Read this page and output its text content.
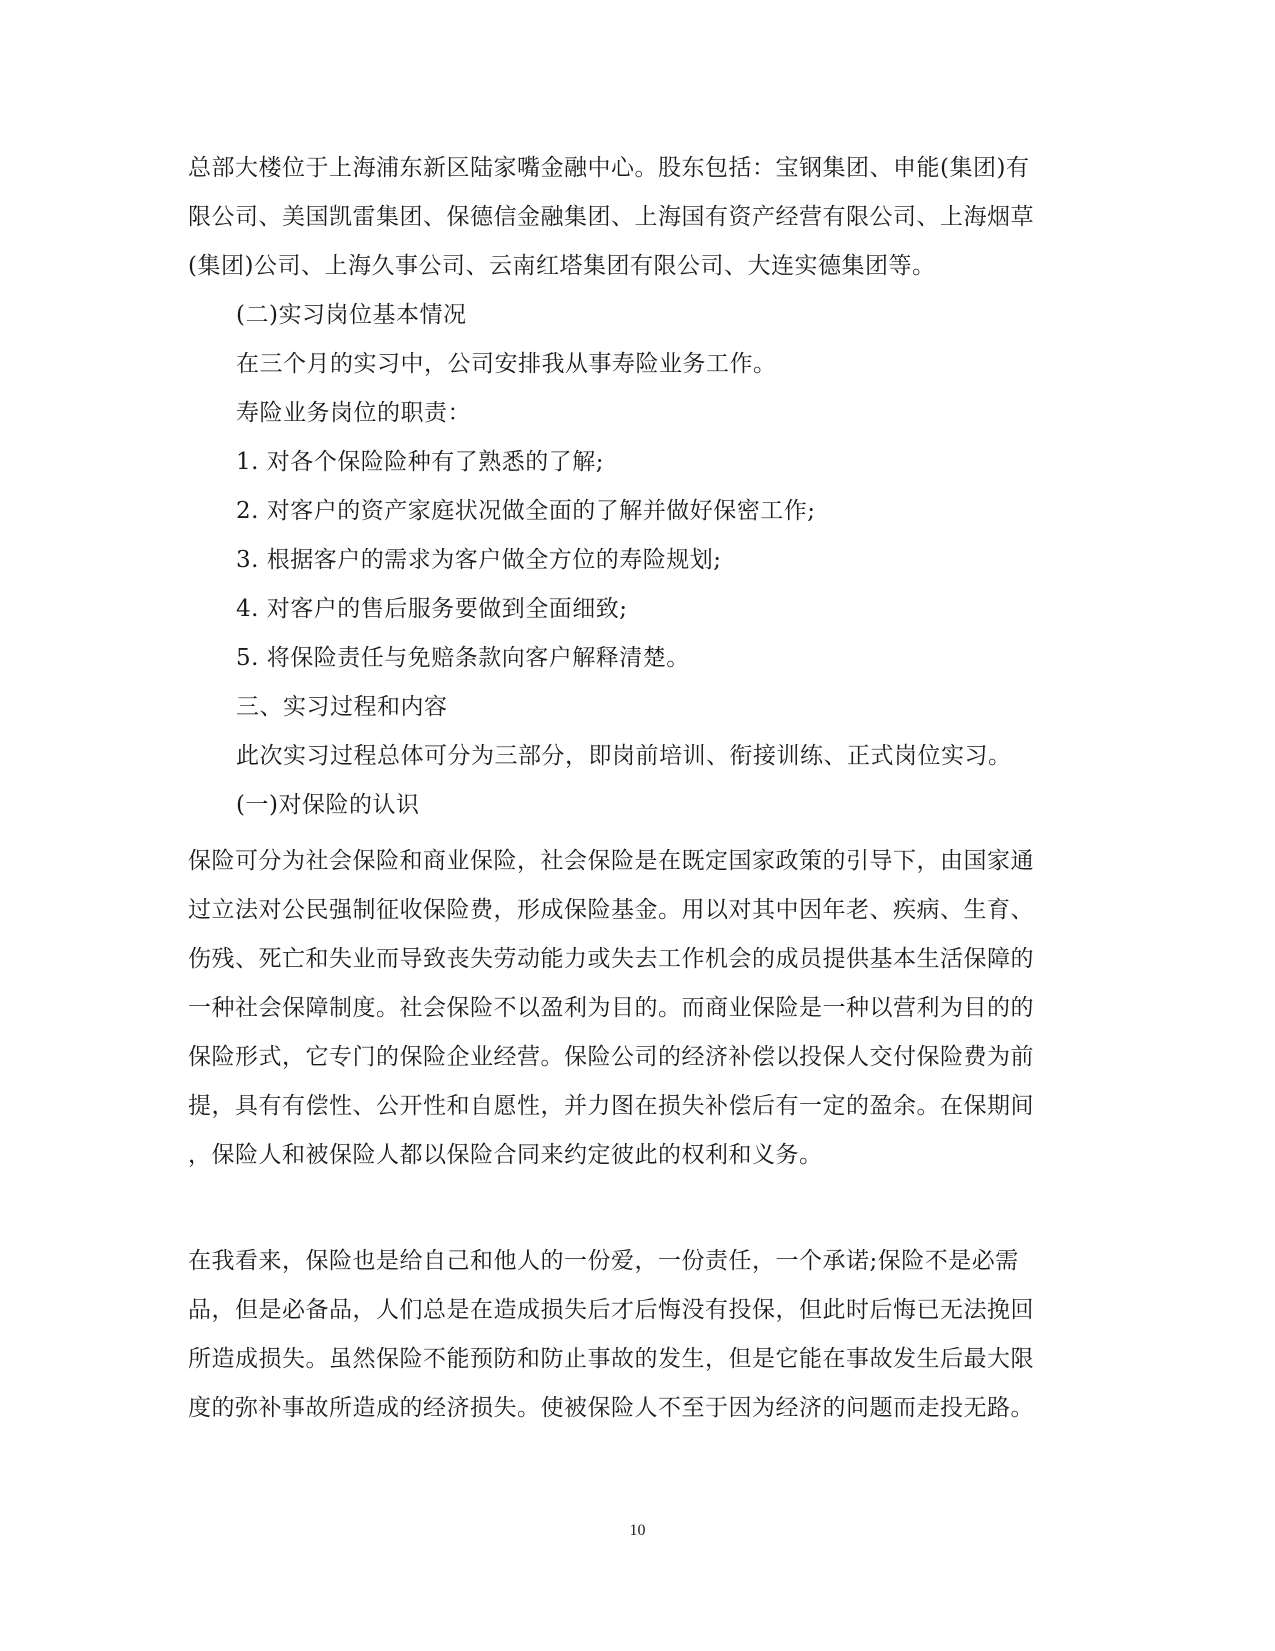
总部大楼位于上海浦东新区陆家嘴金融中心。股东包括：宝钢集团、申能(集团)有
限公司、美国凯雷集团、保德信金融集团、上海国有资产经营有限公司、上海烟草
(集团)公司、上海久事公司、云南红塔集团有限公司、大连实德集团等。
(二)实习岗位基本情况
在三个月的实习中，公司安排我从事寿险业务工作。
寿险业务岗位的职责：
1. 对各个保险险种有了熟悉的了解;
2. 对客户的资产家庭状况做全面的了解并做好保密工作;
3. 根据客户的需求为客户做全方位的寿险规划;
4. 对客户的售后服务要做到全面细致;
5. 将保险责任与免赔条款向客户解释清楚。
三、实习过程和内容
此次实习过程总体可分为三部分，即岗前培训、衔接训练、正式岗位实习。
(一)对保险的认识
保险可分为社会保险和商业保险，社会保险是在既定国家政策的引导下，由国家通
过立法对公民强制征收保险费，形成保险基金。用以对其中因年老、疾病、生育、
伤残、死亡和失业而导致丧失劳动能力或失去工作机会的成员提供基本生活保障的
一种社会保障制度。社会保险不以盈利为目的。而商业保险是一种以营利为目的的
保险形式，它专门的保险企业经营。保险公司的经济补偿以投保人交付保险费为前
提，具有有偿性、公开性和自愿性，并力图在损失补偿后有一定的盈余。在保期间
，保险人和被保险人都以保险合同来约定彼此的权利和义务。
在我看来，保险也是给自己和他人的一份爱，一份责任，一个承诺;保险不是必需
品，但是必备品，人们总是在造成损失后才后悔没有投保，但此时后悔已无法挽回
所造成损失。虽然保险不能预防和防止事故的发生，但是它能在事故发生后最大限
度的弥补事故所造成的经济损失。使被保险人不至于因为经济的问题而走投无路。
10
